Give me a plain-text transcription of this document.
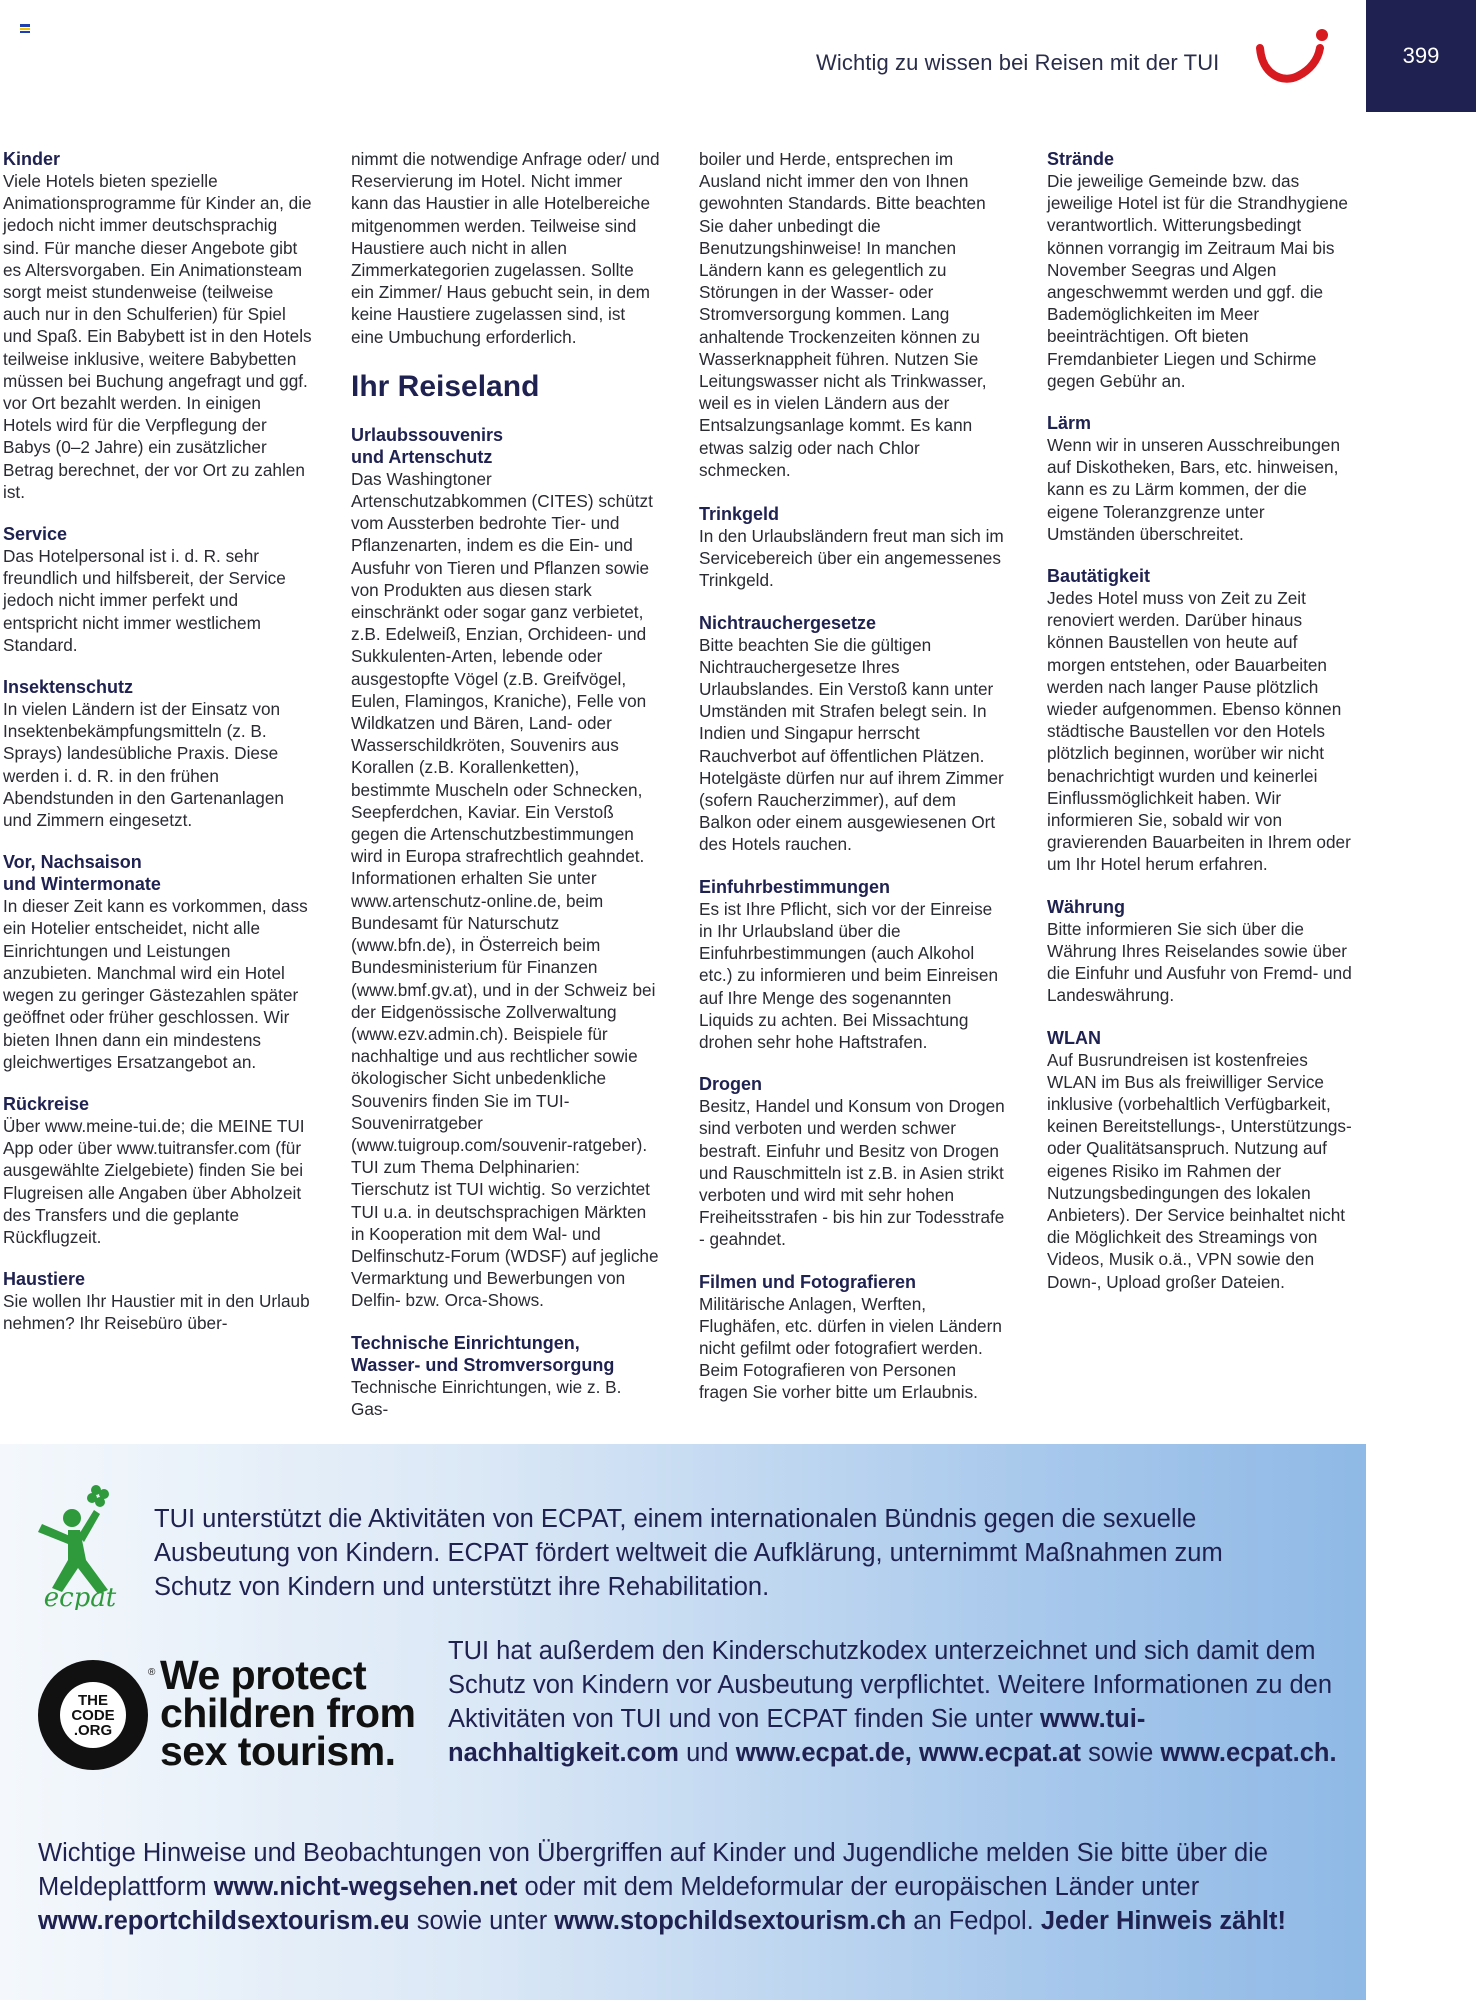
Wichtig zu wissen bei Reisen mit der TUI	399
Kinder

Viele Hotels bieten spezielle Animationsprogramme für Kinder an, die jedoch nicht immer deutschsprachig sind. Für manche dieser Angebote gibt es Altersvorgaben. Ein Animationsteam sorgt meist stundenweise (teilweise auch nur in den Schulferien) für Spiel und Spaß. Ein Babybett ist in den Hotels teilweise inklusive, weitere Babybetten müssen bei Buchung angefragt und ggf. vor Ort bezahlt werden. In einigen Hotels wird für die Verpflegung der Babys (0–2 Jahre) ein zusätzlicher Betrag berechnet, der vor Ort zu zahlen ist.

Service

Das Hotelpersonal ist i. d. R. sehr freundlich und hilfsbereit, der Service jedoch nicht immer perfekt und entspricht nicht immer westlichem Standard.

Insektenschutz

In vielen Ländern ist der Einsatz von Insektenbekämpfungsmitteln (z. B. Sprays) landesübliche Praxis. Diese werden i. d. R. in den frühen Abendstunden in den Gartenanlagen und Zimmern eingesetzt.

Vor, Nachsaison
und Wintermonate

In dieser Zeit kann es vorkommen, dass ein Hotelier entscheidet, nicht alle Einrichtungen und Leistungen anzubieten. Manchmal wird ein Hotel wegen zu geringer Gästezahlen später geöffnet oder früher geschlossen. Wir bieten Ihnen dann ein mindestens gleichwertiges Ersatzangebot an.

Rückreise

Über www.meine-tui.de; die MEINE TUI App oder über www.tuitransfer.com (für ausgewählte Zielgebiete) finden Sie bei Flugreisen alle Angaben über Abholzeit des Transfers und die geplante Rückflugzeit.

Haustiere

Sie wollen Ihr Haustier mit in den Urlaub nehmen? Ihr Reisebüro über-

nimmt die notwendige Anfrage oder/ und Reservierung im Hotel. Nicht immer kann das Haustier in alle Hotelbereiche mitgenommen werden. Teilweise sind Haustiere auch nicht in allen Zimmerkategorien zugelassen. Sollte ein Zimmer/ Haus gebucht sein, in dem keine Haustiere zugelassen sind, ist eine Umbuchung erforderlich.

Ihr Reiseland
Urlaubssouvenirs
und Artenschutz

Das Washingtoner Artenschutzabkommen (CITES) schützt vom Aussterben bedrohte Tier- und Pflanzenarten, indem es die Ein- und Ausfuhr von Tieren und Pflanzen sowie von Produkten aus diesen stark einschränkt oder sogar ganz verbietet, z.B. Edelweiß, Enzian, Orchideen- und Sukkulenten-Arten, lebende oder ausgestopfte Vögel (z.B. Greifvögel, Eulen, Flamingos, Kraniche), Felle von Wildkatzen und Bären, Land- oder Wasserschildkröten, Souvenirs aus Korallen (z.B. Korallenketten), bestimmte Muscheln oder Schnecken, Seepferdchen, Kaviar. Ein Verstoß gegen die Artenschutzbestimmungen wird in Europa strafrechtlich geahndet. Informationen erhalten Sie unter www.artenschutz-online.de, beim Bundesamt für Naturschutz (www.bfn.de), in Österreich beim Bundesministerium für Finanzen (www.bmf.gv.at), und in der Schweiz bei der Eidgenössische Zollverwaltung (www.ezv.admin.ch). Beispiele für nachhaltige und aus rechtlicher sowie ökologischer Sicht unbedenkliche Souvenirs finden Sie im TUI-Souvenirratgeber (www.tuigroup.com/souvenir-ratgeber). TUI zum Thema Delphinarien: Tierschutz ist TUI wichtig. So verzichtet TUI u.a. in deutschsprachigen Märkten in Kooperation mit dem Wal- und Delfinschutz-Forum (WDSF) auf jegliche Vermarktung und Bewerbungen von Delfin- bzw. Orca-Shows.

Technische Einrichtungen,
Wasser- und Stromversorgung

Technische Einrichtungen, wie z. B. Gas-

boiler und Herde, entsprechen im Ausland nicht immer den von Ihnen gewohnten Standards. Bitte beachten Sie daher unbedingt die Benutzungshinweise! In manchen Ländern kann es gelegentlich zu Störungen in der Wasser- oder Stromversorgung kommen. Lang anhaltende Trockenzeiten können zu Wasserknappheit führen. Nutzen Sie Leitungswasser nicht als Trinkwasser, weil es in vielen Ländern aus der Entsalzungsanlage kommt. Es kann etwas salzig oder nach Chlor schmecken.

Trinkgeld

In den Urlaubsländern freut man sich im Servicebereich über ein angemessenes Trinkgeld.

Nichtrauchergesetze

Bitte beachten Sie die gültigen Nichtrauchergesetze Ihres Urlaubslandes. Ein Verstoß kann unter Umständen mit Strafen belegt sein. In Indien und Singapur herrscht Rauchverbot auf öffentlichen Plätzen. Hotelgäste dürfen nur auf ihrem Zimmer (sofern Raucherzimmer), auf dem Balkon oder einem ausgewiesenen Ort des Hotels rauchen.

Einfuhrbestimmungen

Es ist Ihre Pflicht, sich vor der Einreise in Ihr Urlaubsland über die Einfuhrbestimmungen (auch Alkohol etc.) zu informieren und beim Einreisen auf Ihre Menge des sogenannten Liquids zu achten. Bei Missachtung drohen sehr hohe Haftstrafen.

Drogen

Besitz, Handel und Konsum von Drogen sind verboten und werden schwer bestraft. Einfuhr und Besitz von Drogen und Rauschmitteln ist z.B. in Asien strikt verboten und wird mit sehr hohen Freiheitsstrafen - bis hin zur Todesstrafe - geahndet.

Filmen und Fotografieren

Militärische Anlagen, Werften, Flughäfen, etc. dürfen in vielen Ländern nicht gefilmt oder fotografiert werden. Beim Fotografieren von Personen fragen Sie vorher bitte um Erlaubnis.

Strände

Die jeweilige Gemeinde bzw. das jeweilige Hotel ist für die Strandhygiene verantwortlich. Witterungsbedingt können vorrangig im Zeitraum Mai bis November Seegras und Algen angeschwemmt werden und ggf. die Bademöglichkeiten im Meer beeinträchtigen. Oft bieten Fremdanbieter Liegen und Schirme gegen Gebühr an.

Lärm

Wenn wir in unseren Ausschreibungen auf Diskotheken, Bars, etc. hinweisen, kann es zu Lärm kommen, der die eigene Toleranzgrenze unter Umständen überschreitet.

Bautätigkeit

Jedes Hotel muss von Zeit zu Zeit renoviert werden. Darüber hinaus können Baustellen von heute auf morgen entstehen, oder Bauarbeiten werden nach langer Pause plötzlich wieder aufgenommen. Ebenso können städtische Baustellen vor den Hotels plötzlich beginnen, worüber wir nicht benachrichtigt wurden und keinerlei Einflussmöglichkeit haben. Wir informieren Sie, sobald wir von gravierenden Bauarbeiten in Ihrem oder um Ihr Hotel herum erfahren.

Währung

Bitte informieren Sie sich über die Währung Ihres Reiselandes sowie über die Einfuhr und Ausfuhr von Fremd- und Landeswährung.

WLAN

Auf Busrundreisen ist kostenfreies WLAN im Bus als freiwilliger Service inklusive (vorbehaltlich Verfügbarkeit, keinen Bereitstellungs-, Unterstützungs- oder Qualitätsanspruch. Nutzung auf eigenes Risiko im Rahmen der Nutzungsbedingungen des lokalen Anbieters). Der Service beinhaltet nicht die Möglichkeit des Streamings von Videos, Musik o.ä., VPN sowie den Down-, Upload großer Dateien.

ecpat
TUI unterstützt die Aktivitäten von ECPAT, einem internationalen Bündnis gegen die sexuelle Ausbeutung von Kindern. ECPAT fördert weltweit die Aufklärung, unternimmt Maßnahmen zum Schutz von Kindern und unterstützt ihre Rehabilitation.
THE
CODE
.ORG
® We protect
children from
sex tourism.
TUI hat außerdem den Kinderschutzkodex unterzeichnet und sich damit dem Schutz von Kindern vor Ausbeutung verpflichtet. Weitere Informationen zu den Aktivitäten von TUI und von ECPAT finden Sie unter www.tui-nachhaltigkeit.com und www.ecpat.de, www.ecpat.at sowie www.ecpat.ch.
Wichtige Hinweise und Beobachtungen von Übergriffen auf Kinder und Jugendliche melden Sie bitte über die Meldeplattform www.nicht-wegsehen.net oder mit dem Meldeformular der europäischen Länder unter www.reportchildsextourism.eu sowie unter www.stopchildsextourism.ch an Fedpol. Jeder Hinweis zählt!
